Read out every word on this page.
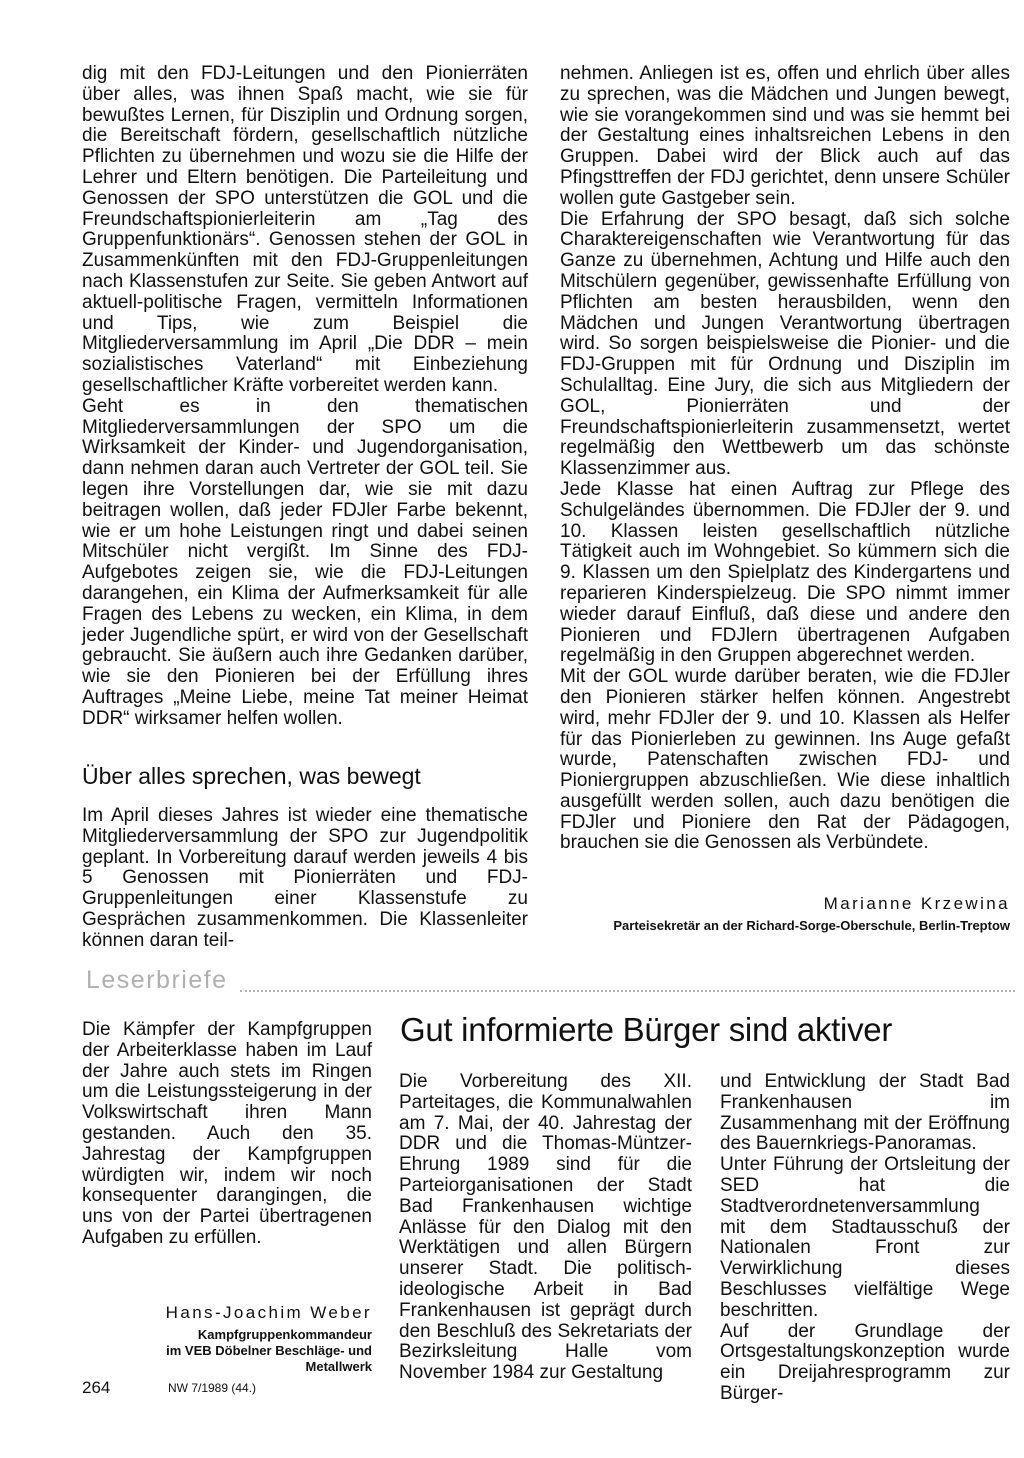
dig mit den FDJ-Leitungen und den Pionierräten über alles, was ihnen Spaß macht, wie sie für bewußtes Lernen, für Disziplin und Ordnung sorgen, die Bereitschaft fördern, gesellschaftlich nützliche Pflichten zu übernehmen und wozu sie die Hilfe der Lehrer und Eltern benötigen. Die Parteileitung und Genossen der SPO unterstützen die GOL und die Freundschaftspionierleiterin am „Tag des Gruppenfunktionärs“. Genossen stehen der GOL in Zusammenkünften mit den FDJ-Gruppenleitungen nach Klassenstufen zur Seite. Sie geben Antwort auf aktuell-politische Fragen, vermitteln Informationen und Tips, wie zum Beispiel die Mitgliederversammlung im April „Die DDR – mein sozialistisches Vaterland“ mit Einbeziehung gesellschaftlicher Kräfte vorbereitet werden kann.

Geht es in den thematischen Mitgliederversammlungen der SPO um die Wirksamkeit der Kinder- und Jugendorganisation, dann nehmen daran auch Vertreter der GOL teil. Sie legen ihre Vorstellungen dar, wie sie mit dazu beitragen wollen, daß jeder FDJler Farbe bekennt, wie er um hohe Leistungen ringt und dabei seinen Mitschüler nicht vergißt. Im Sinne des FDJ-Aufgebotes zeigen sie, wie die FDJ-Leitungen darangehen, ein Klima der Aufmerksamkeit für alle Fragen des Lebens zu wecken, ein Klima, in dem jeder Jugendliche spürt, er wird von der Gesellschaft gebraucht. Sie äußern auch ihre Gedanken darüber, wie sie den Pionieren bei der Erfüllung ihres Auftrages „Meine Liebe, meine Tat meiner Heimat DDR“ wirksamer helfen wollen.

Über alles sprechen, was bewegt

Im April dieses Jahres ist wieder eine thematische Mitgliederversammlung der SPO zur Jugendpolitik geplant. In Vorbereitung darauf werden jeweils 4 bis 5 Genossen mit Pionierräten und FDJ-Gruppenleitungen einer Klassenstufe zu Gesprächen zusammenkommen. Die Klassenleiter können daran teil-

nehmen. Anliegen ist es, offen und ehrlich über alles zu sprechen, was die Mädchen und Jungen bewegt, wie sie vorangekommen sind und was sie hemmt bei der Gestaltung eines inhaltsreichen Lebens in den Gruppen. Dabei wird der Blick auch auf das Pfingsttreffen der FDJ gerichtet, denn unsere Schüler wollen gute Gastgeber sein.

Die Erfahrung der SPO besagt, daß sich solche Charaktereigenschaften wie Verantwortung für das Ganze zu übernehmen, Achtung und Hilfe auch den Mitschülern gegenüber, gewissenhafte Erfüllung von Pflichten am besten herausbilden, wenn den Mädchen und Jungen Verantwortung übertragen wird. So sorgen beispielsweise die Pionier- und die FDJ-Gruppen mit für Ordnung und Disziplin im Schulalltag. Eine Jury, die sich aus Mitgliedern der GOL, Pionierräten und der Freundschaftspionierleiterin zusammensetzt, wertet regelmäßig den Wettbewerb um das schönste Klassenzimmer aus.

Jede Klasse hat einen Auftrag zur Pflege des Schulgeländes übernommen. Die FDJler der 9. und 10. Klassen leisten gesellschaftlich nützliche Tätigkeit auch im Wohngebiet. So kümmern sich die 9. Klassen um den Spielplatz des Kindergartens und reparieren Kinderspielzeug. Die SPO nimmt immer wieder darauf Einfluß, daß diese und andere den Pionieren und FDJlern übertragenen Aufgaben regelmäßig in den Gruppen abgerechnet werden.

Mit der GOL wurde darüber beraten, wie die FDJler den Pionieren stärker helfen können. Angestrebt wird, mehr FDJler der 9. und 10. Klassen als Helfer für das Pionierleben zu gewinnen. Ins Auge gefaßt wurde, Patenschaften zwischen FDJ- und Pioniergruppen abzuschließen. Wie diese inhaltlich ausgefüllt werden sollen, auch dazu benötigen die FDJler und Pioniere den Rat der Pädagogen, brauchen sie die Genossen als Verbündete.

Marianne Krzewina
Parteisekretär an der Richard-Sorge-Oberschule, Berlin-Treptow
Leserbriefe

Die Kämpfer der Kampfgruppen der Arbeiterklasse haben im Lauf der Jahre auch stets im Ringen um die Leistungssteigerung in der Volkswirtschaft ihren Mann gestanden. Auch den 35. Jahrestag der Kampfgruppen würdigten wir, indem wir noch konsequenter darangingen, die uns von der Partei übertragenen Aufgaben zu erfüllen.

Hans-Joachim Weber
Kampfgruppenkommandeur
im VEB Döbelner Beschläge- und
Metallwerk
Gut informierte Bürger sind aktiver

Die Vorbereitung des XII. Parteitages, die Kommunalwahlen am 7. Mai, der 40. Jahrestag der DDR und die Thomas-Müntzer-Ehrung 1989 sind für die Parteiorganisationen der Stadt Bad Frankenhausen wichtige Anlässe für den Dialog mit den Werktätigen und allen Bürgern unserer Stadt. Die politisch-ideologische Arbeit in Bad Frankenhausen ist geprägt durch den Beschluß des Sekretariats der Bezirksleitung Halle vom November 1984 zur Gestaltung

und Entwicklung der Stadt Bad Frankenhausen im Zusammenhang mit der Eröffnung des Bauernkriegs-Panoramas.

Unter Führung der Ortsleitung der SED hat die Stadtverordnetenversammlung mit dem Stadtausschuß der Nationalen Front zur Verwirklichung dieses Beschlusses vielfältige Wege beschritten.

Auf der Grundlage der Ortsgestaltungskonzeption wurde ein Dreijahresprogramm zur Bürger-

264	NW 7/1989 (44.)
